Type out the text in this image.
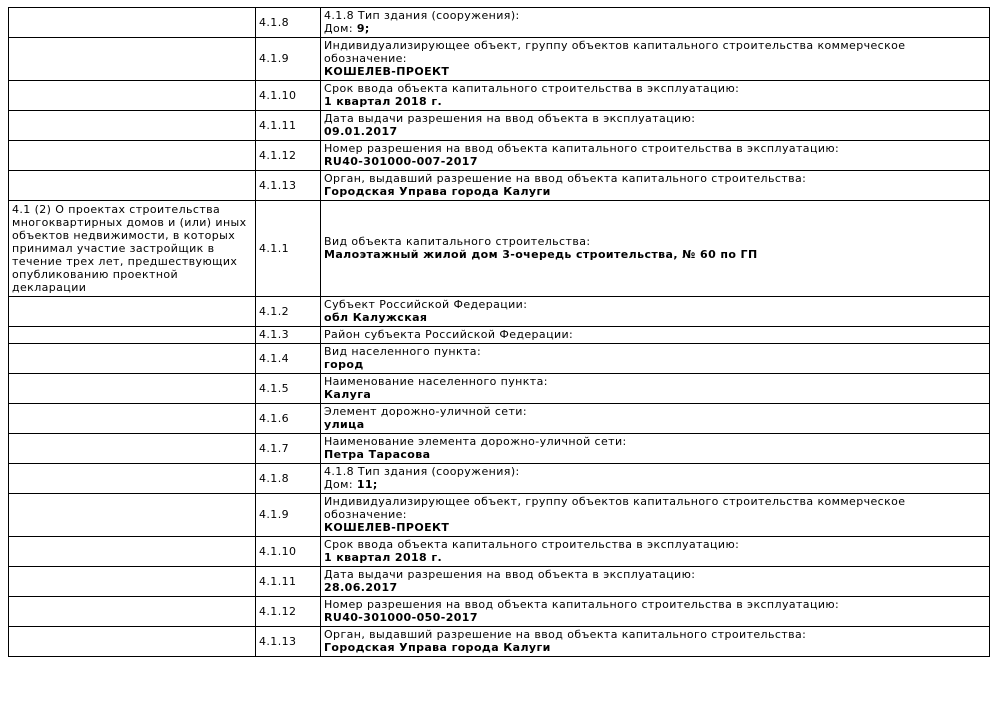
	4.1.8	4.1.8 Тип здания (сооружения):
Дом: 9;

	4.1.9	Индивидуализирующее объект, группу объектов капитального строительства коммерческое обозначение:
КОШЕЛЕВ-ПРОЕКТ

	4.1.10	Срок ввода объекта капитального строительства в эксплуатацию:
1 квартал 2018 г.

	4.1.11	Дата выдачи разрешения на ввод объекта в эксплуатацию:
09.01.2017

	4.1.12	Номер разрешения на ввод объекта капитального строительства в эксплуатацию:
RU40-301000-007-2017

	4.1.13	Орган, выдавший разрешение на ввод объекта капитального строительства:
Городская Управа города Калуги

4.1 (2) О проектах строительства многоквартирных домов и (или) иных объектов недвижимости, в которых принимал участие застройщик в течение трех лет, предшествующих опубликованию проектной декларации	4.1.1	Вид объекта капитального строительства:
Малоэтажный жилой дом 3-очередь строительства, № 60 по ГП

	4.1.2	Субъект Российской Федерации:
обл Калужская

	4.1.3	Район субъекта Российской Федерации:

	4.1.4	Вид населенного пункта:
город

	4.1.5	Наименование населенного пункта:
Калуга

	4.1.6	Элемент дорожно-уличной сети:
улица

	4.1.7	Наименование элемента дорожно-уличной сети:
Петра Тарасова

	4.1.8	4.1.8 Тип здания (сооружения):
Дом: 11;

	4.1.9	Индивидуализирующее объект, группу объектов капитального строительства коммерческое обозначение:
КОШЕЛЕВ-ПРОЕКТ

	4.1.10	Срок ввода объекта капитального строительства в эксплуатацию:
1 квартал 2018 г.

	4.1.11	Дата выдачи разрешения на ввод объекта в эксплуатацию:
28.06.2017

	4.1.12	Номер разрешения на ввод объекта капитального строительства в эксплуатацию:
RU40-301000-050-2017

	4.1.13	Орган, выдавший разрешение на ввод объекта капитального строительства:
Городская Управа города Калуги
